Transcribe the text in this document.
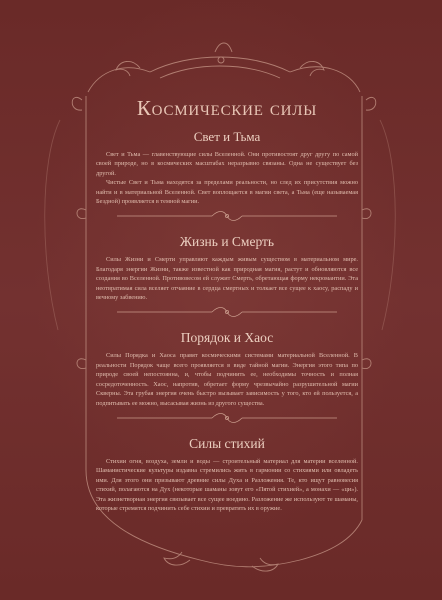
Космические силы
Свет и Тьма

Свет и Тьма — главенствующие силы Вселенной. Они противостоят друг другу по самой своей природе, но в космических масштабах неразрывно связаны. Одна не существует без другой.

Чистые Свет и Тьма находятся за пределами реальности, но след их присутствия можно найти и в материальной Вселенной. Свет воплощается в магии света, а Тьма (еще называемая Бездной) проявляется в темной магии.

Жизнь и Смерть

Силы Жизни и Смерти управляют каждым живым существом в материальном мире. Благодаря энергии Жизни, также известной как природная магия, растут и обновляются все создания во Вселенной. Противовесом ей служит Смерть, обретающая форму некромантии. Эта неотвратимая сила вселяет отчаяние в сердца смертных и толкает все сущее к хаосу, распаду и вечному забвению.

Порядок и Хаос

Силы Порядка и Хаоса правят космическими системами материальной Вселенной. В реальности Порядок чаще всего проявляется в виде тайной магии. Энергия этого типа по природе своей непостоянна, и, чтобы подчинить ее, необходимы точность и полная сосредоточенность. Хаос, напротив, обретает форму чрезвычайно разрушительной магии Скверны. Эта грубая энергия очень быстро вызывает зависимость у того, кто ей пользуется, а подпитывать ее можно, высасывая жизнь из другого существа.

Силы стихий

Стихии огня, воздуха, земли и воды — строительный материал для материи вселенной. Шаманистические культуры издавна стремились жить в гармонии со стихиями или овладеть ими. Для этого они призывают древние силы Духа и Разложения. Те, кто ищут равновесия стихий, полагаются на Дух (некоторые шаманы зовут его «Пятой стихией», а монахи — «ци»). Эта жизнетворная энергия связывает все сущее воедино. Разложение же используют те шаманы, которые стремятся подчинить себе стихии и превратить их в оружие.
